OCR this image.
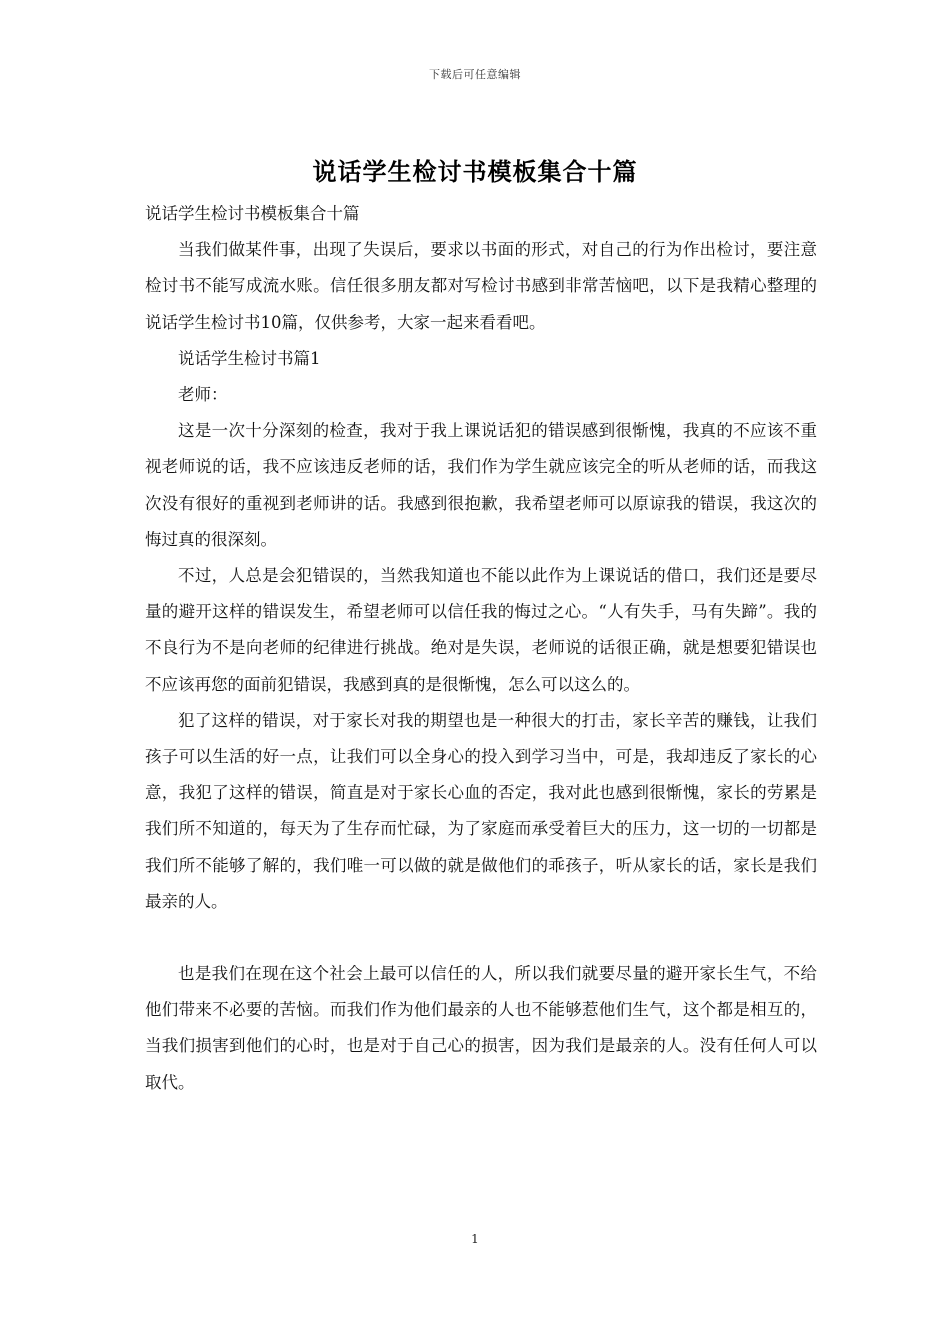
下载后可任意编辑
说话学生检讨书模板集合十篇

说话学生检讨书模板集合十篇

当我们做某件事，出现了失误后，要求以书面的形式，对自己的行为作出检讨，要注意检讨书不能写成流水账。信任很多朋友都对写检讨书感到非常苦恼吧，以下是我精心整理的说话学生检讨书10篇，仅供参考，大家一起来看看吧。

说话学生检讨书篇1

老师：

这是一次十分深刻的检查，我对于我上课说话犯的错误感到很惭愧，我真的不应该不重视老师说的话，我不应该违反老师的话，我们作为学生就应该完全的听从老师的话，而我这次没有很好的重视到老师讲的话。我感到很抱歉，我希望老师可以原谅我的错误，我这次的悔过真的很深刻。

不过，人总是会犯错误的，当然我知道也不能以此作为上课说话的借口，我们还是要尽量的避开这样的错误发生，希望老师可以信任我的悔过之心。“人有失手，马有失蹄”。我的不良行为不是向老师的纪律进行挑战。绝对是失误，老师说的话很正确，就是想要犯错误也不应该再您的面前犯错误，我感到真的是很惭愧，怎么可以这么的。

犯了这样的错误，对于家长对我的期望也是一种很大的打击，家长辛苦的赚钱，让我们孩子可以生活的好一点，让我们可以全身心的投入到学习当中，可是，我却违反了家长的心意，我犯了这样的错误，简直是对于家长心血的否定，我对此也感到很惭愧，家长的劳累是我们所不知道的，每天为了生存而忙碌，为了家庭而承受着巨大的压力，这一切的一切都是我们所不能够了解的，我们唯一可以做的就是做他们的乖孩子，听从家长的话，家长是我们最亲的人。

也是我们在现在这个社会上最可以信任的人，所以我们就要尽量的避开家长生气，不给他们带来不必要的苦恼。而我们作为他们最亲的人也不能够惹他们生气，这个都是相互的，当我们损害到他们的心时，也是对于自己心的损害，因为我们是最亲的人。没有任何人可以取代。

1
